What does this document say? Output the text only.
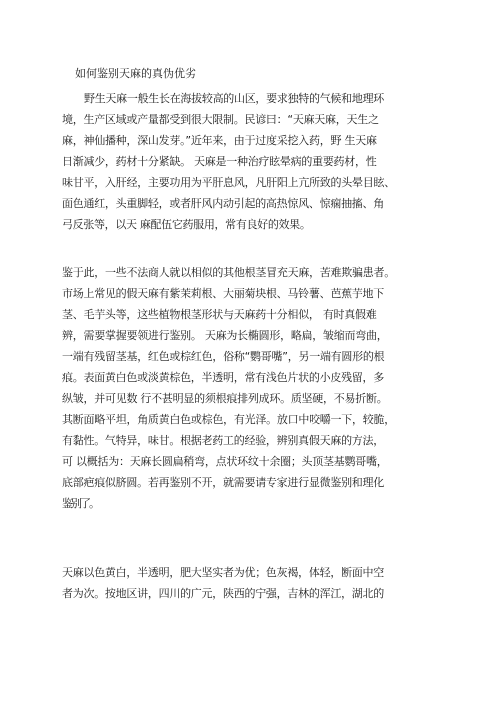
如何鉴别天麻的真伪优劣
野生天麻一般生长在海拔较高的山区，要求独特的气候和地理环
境，生产区域或产量都受到很大限制。民谚曰：“天麻天麻，天生之
麻，神仙播种，深山发芽。”近年来，由于过度采挖入药，野 生天麻
日渐减少，药材十分紧缺。 天麻是一种治疗眩晕病的重要药材，性
味甘平，入肝经，主要功用为平肝息风，凡肝阳上亢所致的头晕目眩、
面色通红，头重脚轻，或者肝风内动引起的高热惊风、惊痫抽搐、角
弓反张等，以天 麻配伍它药服用，常有良好的效果。
鉴于此，一些不法商人就以相似的其他根茎冒充天麻，苦难欺骗患者。
市场上常见的假天麻有紫茉莉根、大丽菊块根、马铃薯、芭蕉芋地下
茎、毛芋头等，这些植物根茎形状与天麻药十分相似， 有时真假难
辨，需要掌握要领进行鉴别。 天麻为长椭圆形，略扁，皱缩而弯曲，
一端有残留茎基，红色或棕红色，俗称“鹦哥嘴”，另一端有圆形的根
痕。表面黄白色或淡黄棕色，半透明，常有浅色片状的小皮残留，多
纵皱，并可见数 行不甚明显的须根痕排列成环。质坚硬，不易折断。
其断面略平坦，角质黄白色或棕色，有光泽。放口中咬嚼一下，较脆，
有黏性。气特异，味甘。根据老药工的经验，辨别真假天麻的方法，
可 以概括为：天麻长圆扁稍弯，点状环纹十余圈；头顶茎基鹦哥嘴，
底部疤痕似脐圆。若再鉴别不开，就需要请专家进行显微鉴别和理化
鉴别了。
天麻以色黄白，半透明，肥大坚实者为优；色灰褐，体轻，断面中空
者为次。按地区讲，四川的广元，陕西的宁强，吉林的浑江，湖北的
